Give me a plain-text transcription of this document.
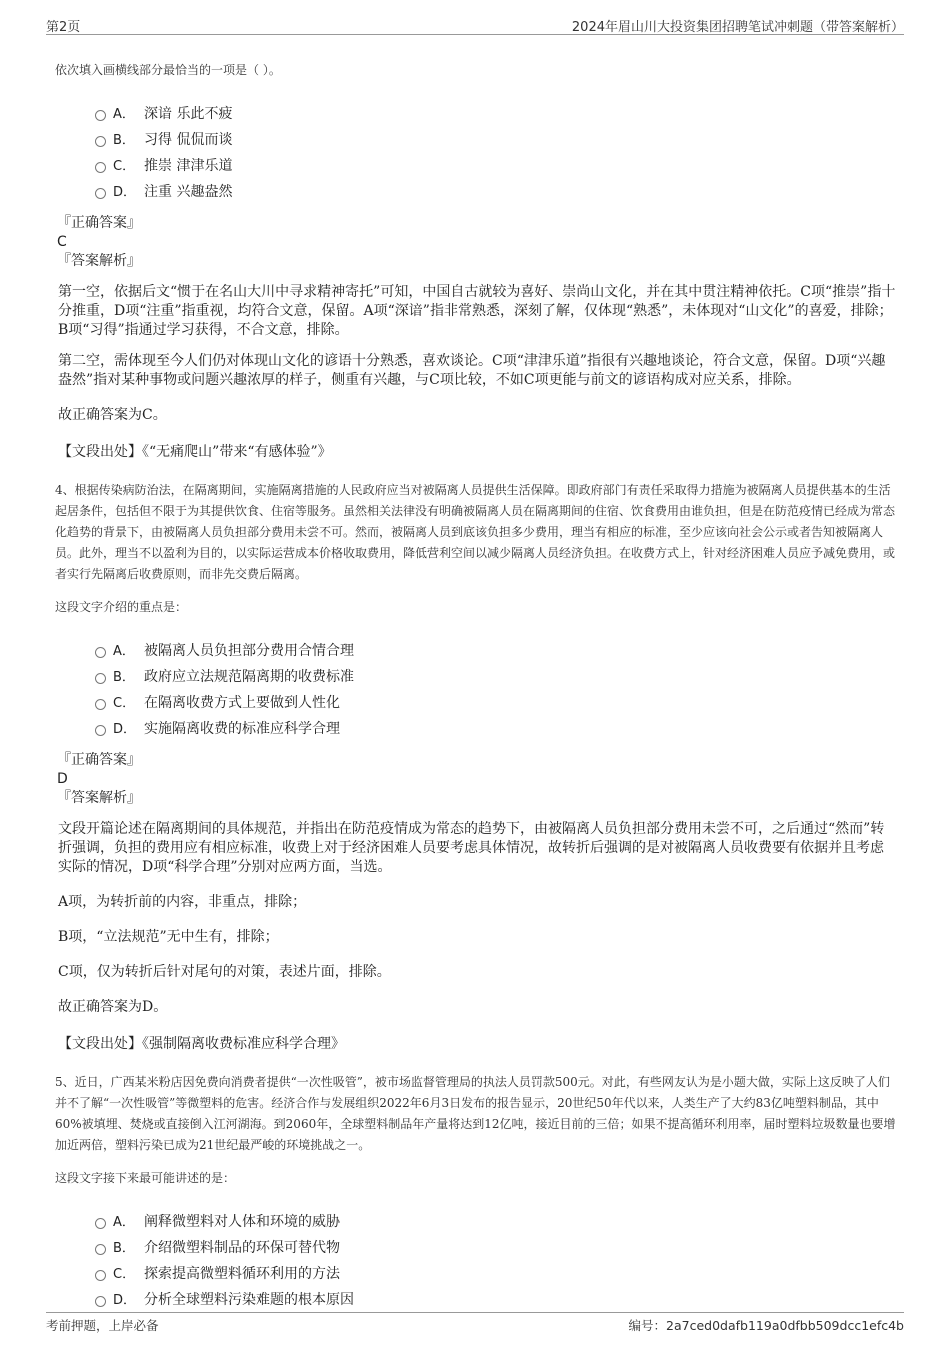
第2页	2024年眉山川大投资集团招聘笔试冲刺题（带答案解析）

依次填入画横线部分最恰当的一项是（ ）。

A． 深谙 乐此不疲
B． 习得 侃侃而谈
C． 推崇 津津乐道
D． 注重 兴趣盎然

『正确答案』

C

『答案解析』

第一空，依据后文“惯于在名山大川中寻求精神寄托”可知，中国自古就较为喜好、崇尚山文化，并在其中贯注精神依托。C项“推崇”指十分推重，D项“注重”指重视，均符合文意，保留。A项“深谙”指非常熟悉，深刻了解，仅体现“熟悉”，未体现对“山文化”的喜爱，排除；B项“习得”指通过学习获得，不合文意，排除。

第二空，需体现至今人们仍对体现山文化的谚语十分熟悉，喜欢谈论。C项“津津乐道”指很有兴趣地谈论，符合文意，保留。D项“兴趣盎然”指对某种事物或问题兴趣浓厚的样子，侧重有兴趣，与C项比较，不如C项更能与前文的谚语构成对应关系，排除。

故正确答案为C。

【文段出处】《“无痛爬山”带来“有感体验”》

4、根据传染病防治法，在隔离期间，实施隔离措施的人民政府应当对被隔离人员提供生活保障。即政府部门有责任采取得力措施为被隔离人员提供基本的生活起居条件，包括但不限于为其提供饮食、住宿等服务。虽然相关法律没有明确被隔离人员在隔离期间的住宿、饮食费用由谁负担，但是在防范疫情已经成为常态化趋势的背景下，由被隔离人员负担部分费用未尝不可。然而，被隔离人员到底该负担多少费用，理当有相应的标准，至少应该向社会公示或者告知被隔离人员。此外，理当不以盈利为目的，以实际运营成本价格收取费用，降低营利空间以减少隔离人员经济负担。在收费方式上，针对经济困难人员应予减免费用，或者实行先隔离后收费原则，而非先交费后隔离。

这段文字介绍的重点是：

A． 被隔离人员负担部分费用合情合理
B． 政府应立法规范隔离期的收费标准
C． 在隔离收费方式上要做到人性化
D． 实施隔离收费的标准应科学合理

『正确答案』

D

『答案解析』

文段开篇论述在隔离期间的具体规范，并指出在防范疫情成为常态的趋势下，由被隔离人员负担部分费用未尝不可，之后通过“然而”转折强调，负担的费用应有相应标准，收费上对于经济困难人员要考虑具体情况，故转折后强调的是对被隔离人员收费要有依据并且考虑实际的情况，D项“科学合理”分别对应两方面，当选。

A项，为转折前的内容，非重点，排除；

B项，“立法规范”无中生有，排除；

C项，仅为转折后针对尾句的对策，表述片面，排除。

故正确答案为D。

【文段出处】《强制隔离收费标准应科学合理》

5、近日，广西某米粉店因免费向消费者提供“一次性吸管”，被市场监督管理局的执法人员罚款500元。对此，有些网友认为是小题大做，实际上这反映了人们并不了解“一次性吸管”等微塑料的危害。经济合作与发展组织2022年6月3日发布的报告显示，20世纪50年代以来，人类生产了大约83亿吨塑料制品，其中60%被填埋、焚烧或直接倒入江河湖海。到2060年，全球塑料制品年产量将达到12亿吨，接近目前的三倍；如果不提高循环利用率，届时塑料垃圾数量也要增加近两倍，塑料污染已成为21世纪最严峻的环境挑战之一。

这段文字接下来最可能讲述的是：

A． 阐释微塑料对人体和环境的威胁
B． 介绍微塑料制品的环保可替代物
C． 探索提高微塑料循环利用的方法
D． 分析全球塑料污染难题的根本原因
考前押题，上岸必备	编号：2a7ced0dafb119a0dfbb509dcc1efc4b
